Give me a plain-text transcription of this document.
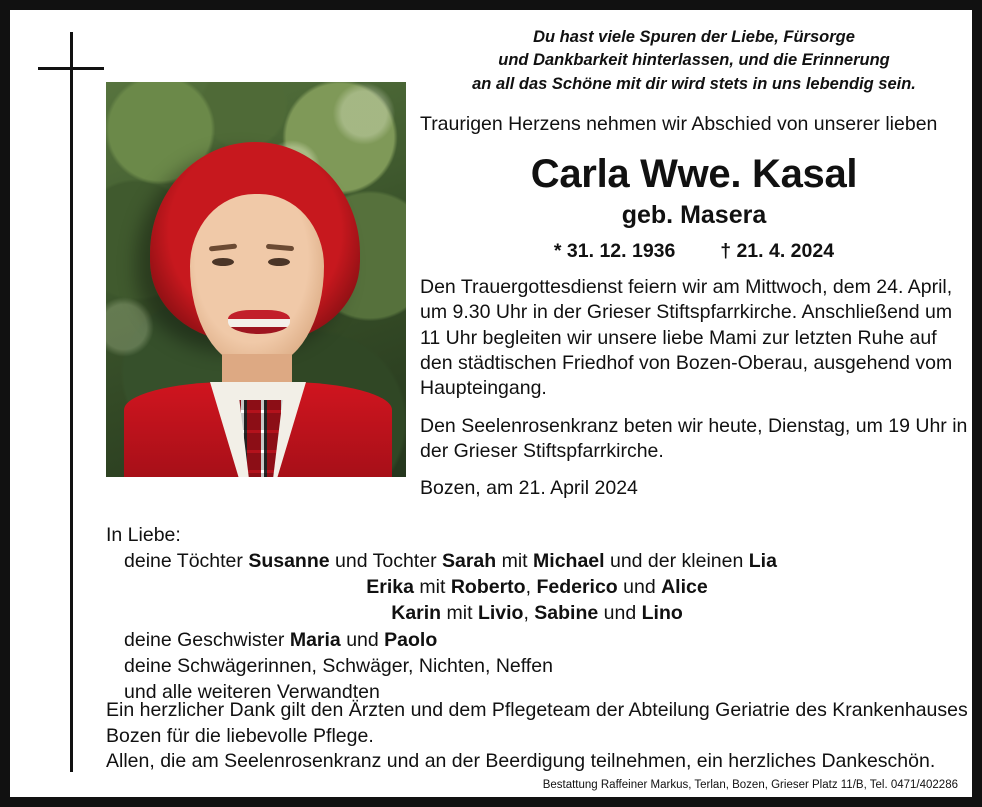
Du hast viele Spuren der Liebe, Fürsorge
und Dankbarkeit hinterlassen, und die Erinnerung
an all das Schöne mit dir wird stets in uns lebendig sein.
Traurigen Herzens nehmen wir Abschied von unserer lieben
Carla Wwe. Kasal
geb. Masera
* 31. 12. 1936 † 21. 4. 2024
Den Trauergottesdienst feiern wir am Mittwoch, dem 24. April, um 9.30 Uhr in der Grieser Stiftspfarrkirche. Anschließend um 11 Uhr begleiten wir unsere liebe Mami zur letzten Ruhe auf den städtischen Friedhof von Bozen-Oberau, ausgehend vom Haupteingang.
Den Seelenrosenkranz beten wir heute, Dienstag, um 19 Uhr in der Grieser Stiftspfarrkirche.
Bozen, am 21. April 2024
In Liebe:
deine Töchter Susanne und Tochter Sarah mit Michael und der kleinen Lia
Erika mit Roberto, Federico und Alice
Karin mit Livio, Sabine und Lino
deine Geschwister Maria und Paolo
deine Schwägerinnen, Schwäger, Nichten, Neffen
und alle weiteren Verwandten
Ein herzlicher Dank gilt den Ärzten und dem Pflegeteam der Abteilung Geriatrie des Krankenhauses Bozen für die liebevolle Pflege.
Allen, die am Seelenrosenkranz und an der Beerdigung teilnehmen, ein herzliches Dankeschön.
Bestattung Raffeiner Markus, Terlan, Bozen, Grieser Platz 11/B, Tel. 0471/402286
